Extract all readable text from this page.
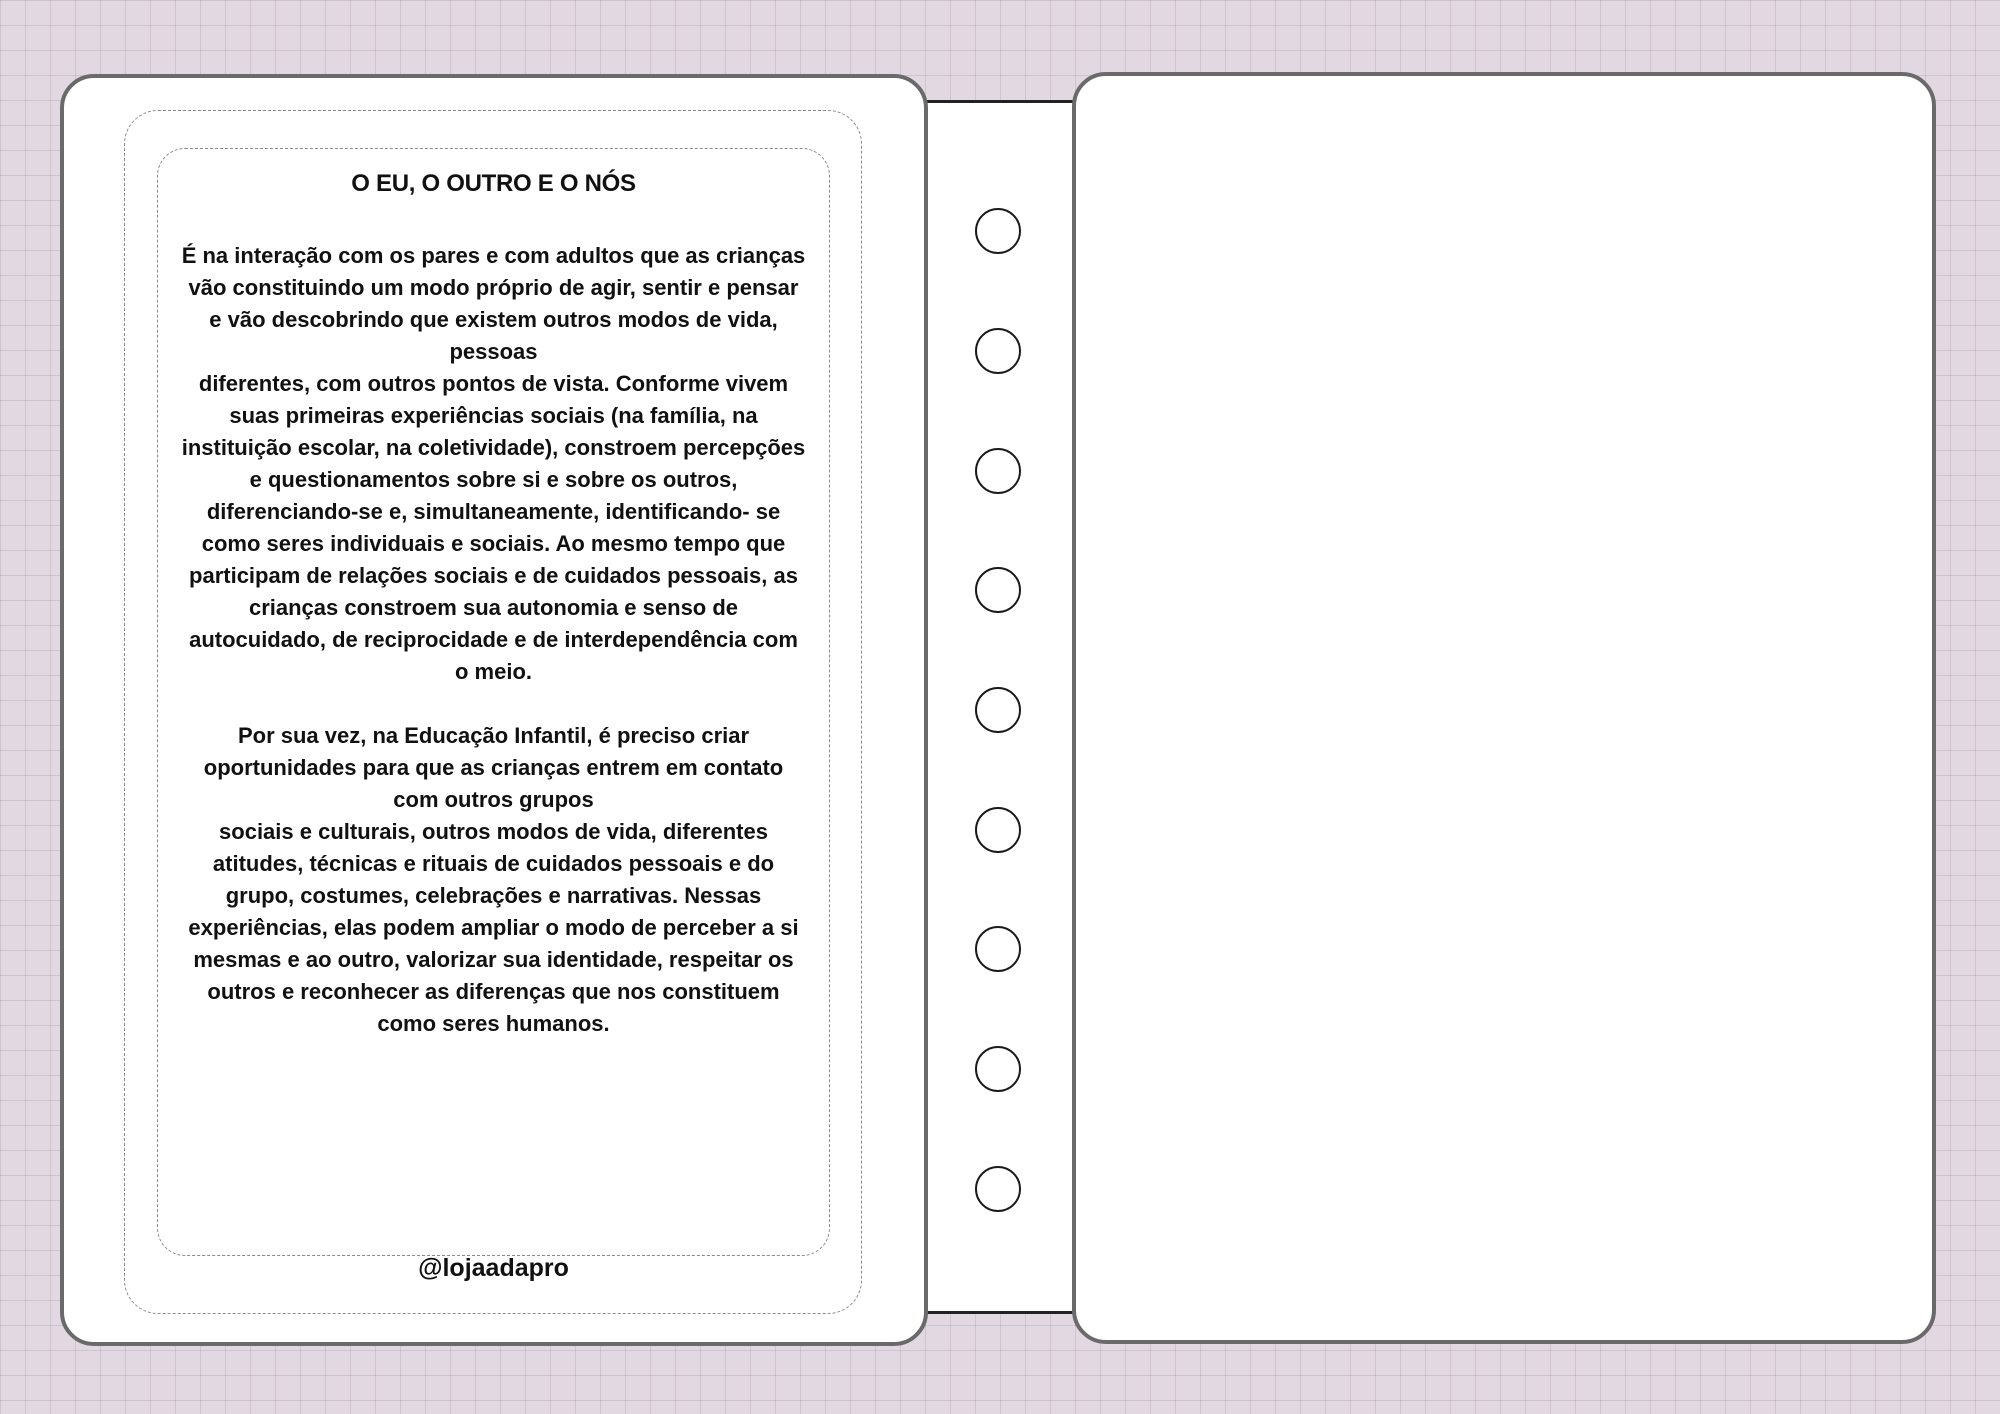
O EU, O OUTRO E O NÓS

É na interação com os pares e com adultos que as crianças vão constituindo um modo próprio de agir, sentir e pensar e vão descobrindo que existem outros modos de vida, pessoas

diferentes, com outros pontos de vista. Conforme vivem suas primeiras experiências sociais (na família, na instituição escolar, na coletividade), constroem percepções e questionamentos sobre si e sobre os outros, diferenciando-se e, simultaneamente, identificando- se como seres individuais e sociais. Ao mesmo tempo que participam de relações sociais e de cuidados pessoais, as crianças constroem sua autonomia e senso de autocuidado, de reciprocidade e de interdependência com o meio.

Por sua vez, na Educação Infantil, é preciso criar oportunidades para que as crianças entrem em contato com outros grupos

sociais e culturais, outros modos de vida, diferentes atitudes, técnicas e rituais de cuidados pessoais e do grupo, costumes, celebrações e narrativas. Nessas experiências, elas podem ampliar o modo de perceber a si mesmas e ao outro, valorizar sua identidade, respeitar os outros e reconhecer as diferenças que nos constituem como seres humanos.

@lojaadapro
